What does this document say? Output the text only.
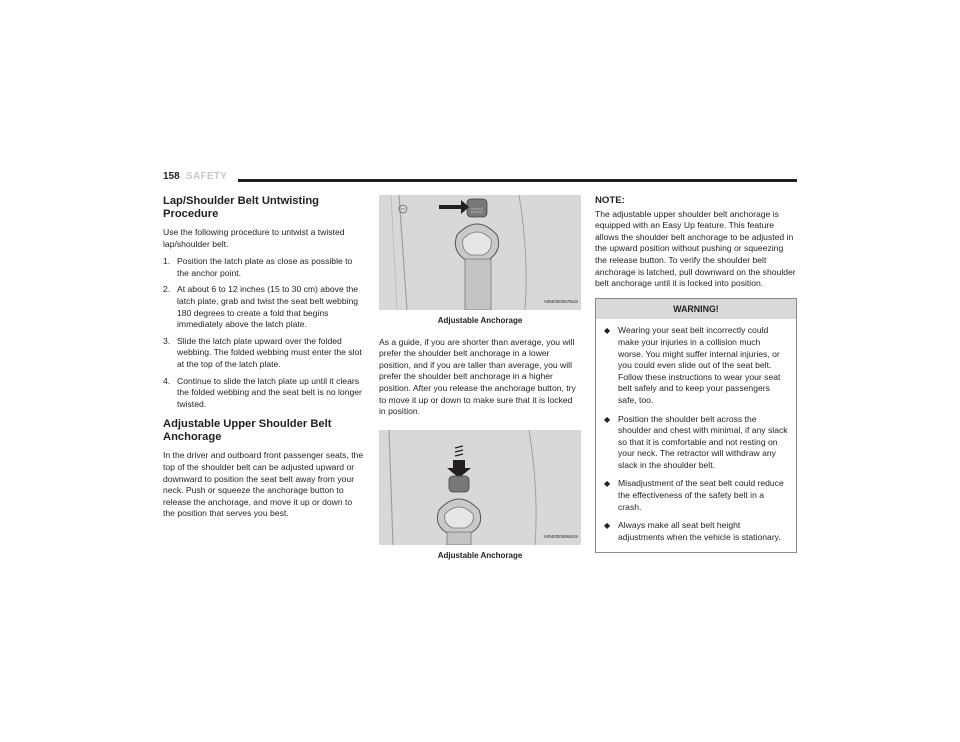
158 SAFETY
Lap/Shoulder Belt Untwisting Procedure

Use the following procedure to untwist a twisted lap/shoulder belt.

1. Position the latch plate as close as possible to the anchor point.
2. At about 6 to 12 inches (15 to 30 cm) above the latch plate, grab and twist the seat belt webbing 180 degrees to create a fold that begins immediately above the latch plate.
3. Slide the latch plate upward over the folded webbing. The folded webbing must enter the slot at the top of the latch plate.
4. Continue to slide the latch plate up until it clears the folded webbing and the seat belt is no longer twisted.
Adjustable Upper Shoulder Belt Anchorage

In the driver and outboard front passenger seats, the top of the shoulder belt can be adjusted upward or downward to position the seat belt away from your neck. Push or squeeze the anchorage button to release the anchorage, and move it up or down to the position that serves you best.

A0503000678US
Adjustable Anchorage

As a guide, if you are shorter than average, you will prefer the shoulder belt anchorage in a lower position, and if you are taller than average, you will prefer the shoulder belt anchorage in a higher position. After you release the anchorage button, try to move it up or down to make sure that it is locked in position.

A0503000668US
Adjustable Anchorage
NOTE:

The adjustable upper shoulder belt anchorage is equipped with an Easy Up feature. This feature allows the shoulder belt anchorage to be adjusted in the upward position without pushing or squeezing the release button. To verify the shoulder belt anchorage is latched, pull downward on the shoulder belt anchorage until it is locked into position.

WARNING!
◆ Wearing your seat belt incorrectly could make your injuries in a collision much worse. You might suffer internal injuries, or you could even slide out of the seat belt. Follow these instructions to wear your seat belt safely and to keep your passengers safe, too.
◆ Position the shoulder belt across the shoulder and chest with minimal, if any slack so that it is comfortable and not resting on your neck. The retractor will withdraw any slack in the shoulder belt.
◆ Misadjustment of the seat belt could reduce the effectiveness of the safety belt in a crash.
◆ Always make all seat belt height adjustments when the vehicle is stationary.
